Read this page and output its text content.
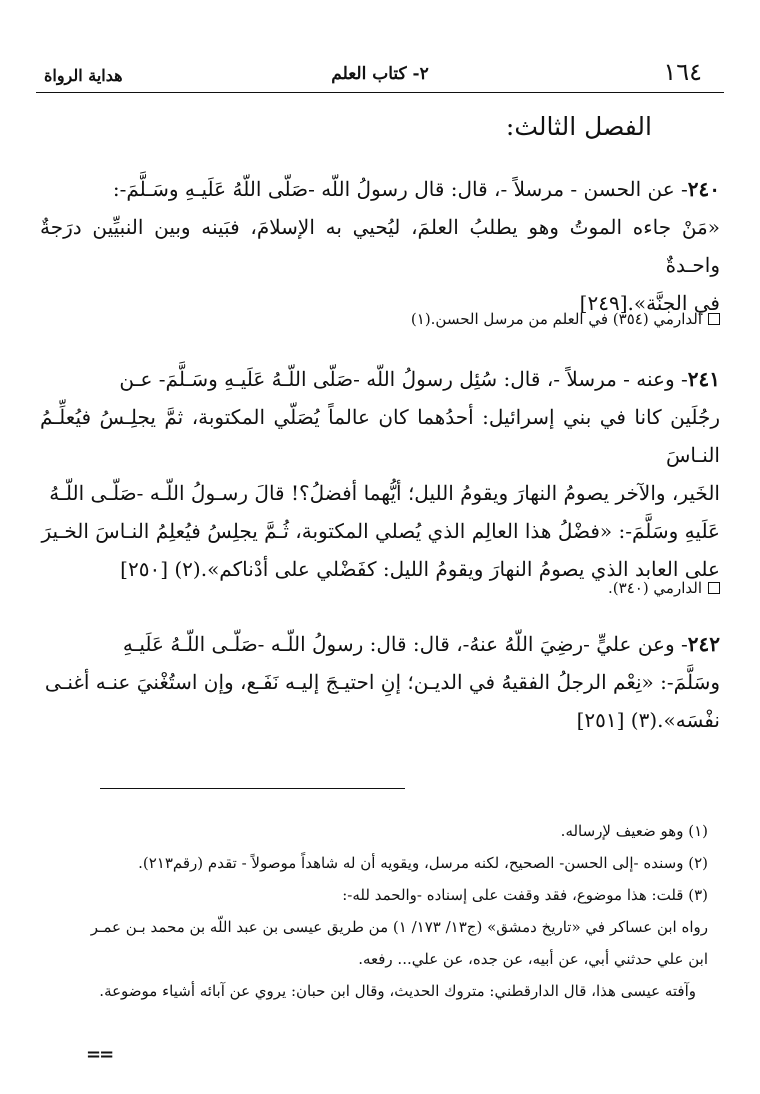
١٦٤
٢- كتاب العلم
هداية الرواة
الفصل الثالث:

٢٤٠- عن الحسن - مرسلاً -، قال: قال رسولُ اللّه -صَلّى اللّهُ عَلَيـهِ وسَـلَّمَ-:

«مَنْ جاءه الموتُ وهو يطلبُ العلمَ، ليُحيي به الإسلامَ، فبَينه وبين النبيِّين درَجةٌ واحـدةٌ

في الجنَّة».[٢٤٩]

الدارمي (٣٥٤) في العلم من مرسل الحسن.(١)

٢٤١- وعنه - مرسلاً -، قال: سُئِل رسولُ اللّه -صَلّى اللّـهُ عَلَيـهِ وسَـلَّمَ- عـن

رجُلَين كانا في بني إسرائيل: أحدُهما كان عالماً يُصَلّي المكتوبة، ثمَّ يجلِـسُ فيُعلِّـمُ النـاسَ

الخَير، والآخر يصومُ النهارَ ويقومُ الليل؛ أيُّهما أفضلُ؟! قالَ رسـولُ اللّـه -صَلّـى اللّـهُ

عَلَيهِ وسَلَّمَ-: «فضْلُ هذا العالِم الذي يُصلي المكتوبة، ثُـمَّ يجلِسُ فيُعلِمُ النـاسَ الخـيرَ

على العابد الذي يصومُ النهارَ ويقومُ الليل: كفَضْلي على أدْناكم».(٢) [٢٥٠]

الدارمي (٣٤٠).

٢٤٢- وعن عليٍّ -رضِيَ اللّهُ عنهُ-، قال: قال: رسولُ اللّـه -صَلّـى اللّـهُ عَلَيـهِ

وسَلَّمَ-: «نِعْم الرجلُ الفقيهُ في الديـن؛ إنِ احتيـجَ إليـه نَفَـع، وإن استُغْنيَ عنـه أغنـى

نفْسَه».(٣) [٢٥١]

(١) وهو ضعيف لإرساله.

(٢) وسنده -إلى الحسن- الصحيح، لكنه مرسل، ويقويه أن له شاهداً موصولاً - تقدم (رقم٢١٣).

(٣) قلت: هذا موضوع، فقد وقفت على إسناده -والحمد لله-:

رواه ابن عساكر في «تاريخ دمشق» (ج١٣/ ١٧٣/ ١) من طريق عيسى بن عبد اللّه بن محمد بـن عمـر

ابن علي حدثني أبي، عن أبيه، عن جده، عن علي... رفعه.

وآفته عيسى هذا، قال الدارقطني: متروك الحديث، وقال ابن حبان: يروي عن آبائه أشياء موضوعة.

==
